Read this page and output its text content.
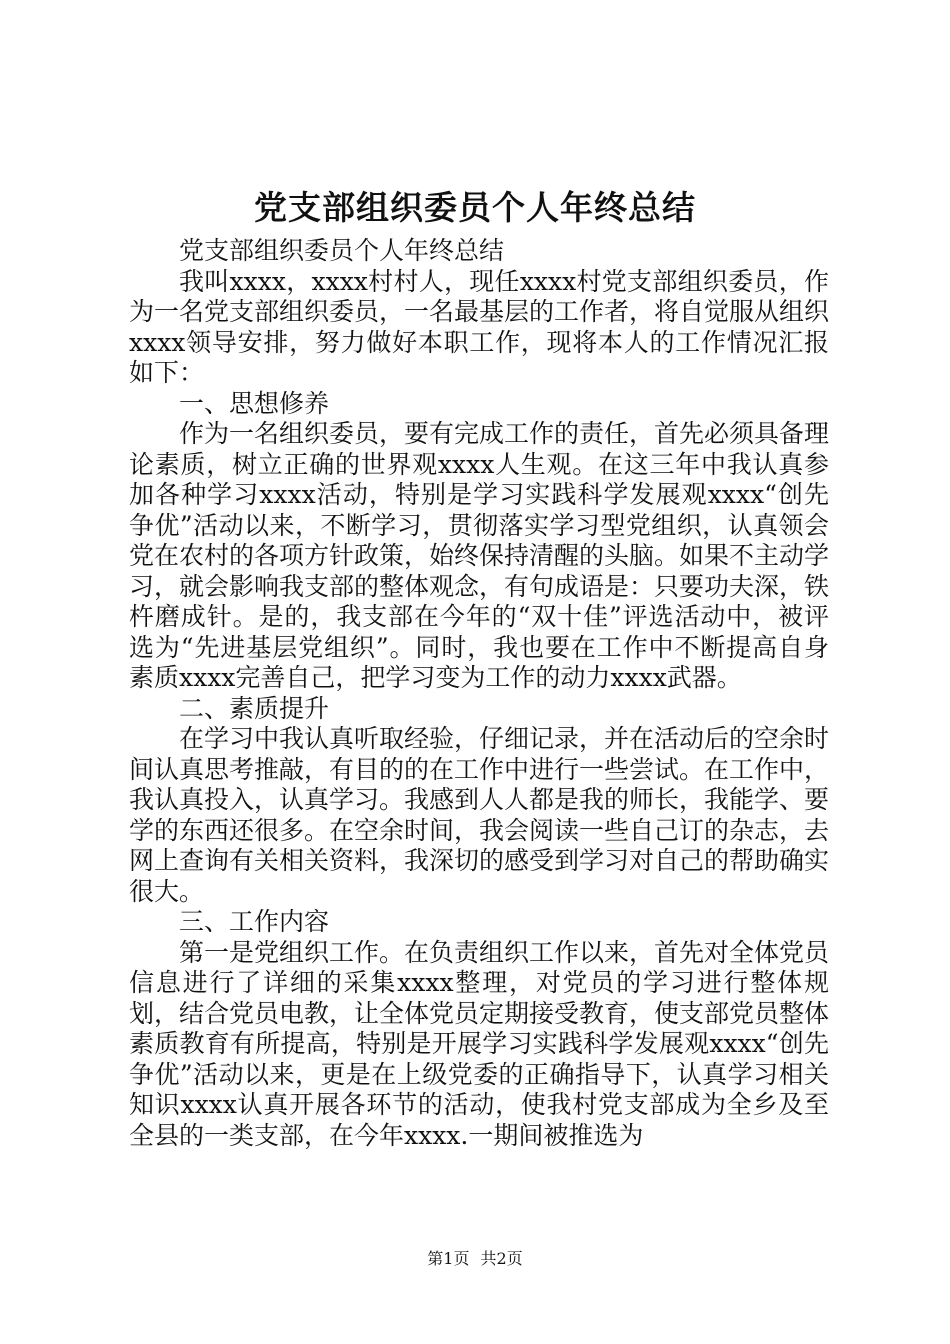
党支部组织委员个人年终总结

党支部组织委员个人年终总结

我叫xxxx，xxxx村村人，现任xxxx村党支部组织委员，作为一名党支部组织委员，一名最基层的工作者，将自觉服从组织xxxx领导安排，努力做好本职工作，现将本人的工作情况汇报如下：

一、思想修养

作为一名组织委员，要有完成工作的责任，首先必须具备理论素质，树立正确的世界观xxxx人生观。在这三年中我认真参加各种学习xxxx活动，特别是学习实践科学发展观xxxx“创先争优”活动以来，不断学习，贯彻落实学习型党组织，认真领会党在农村的各项方针政策，始终保持清醒的头脑。如果不主动学习，就会影响我支部的整体观念，有句成语是：只要功夫深，铁杵磨成针。是的，我支部在今年的“双十佳”评选活动中，被评选为“先进基层党组织”。同时，我也要在工作中不断提高自身素质xxxx完善自己，把学习变为工作的动力xxxx武器。

二、素质提升

在学习中我认真听取经验，仔细记录，并在活动后的空余时间认真思考推敲，有目的的在工作中进行一些尝试。在工作中，我认真投入，认真学习。我感到人人都是我的师长，我能学、要学的东西还很多。在空余时间，我会阅读一些自己订的杂志，去网上查询有关相关资料，我深切的感受到学习对自己的帮助确实很大。

三、工作内容

第一是党组织工作。在负责组织工作以来，首先对全体党员信息进行了详细的采集xxxx整理，对党员的学习进行整体规划，结合党员电教，让全体党员定期接受教育，使支部党员整体素质教育有所提高，特别是开展学习实践科学发展观xxxx“创先争优”活动以来，更是在上级党委的正确指导下，认真学习相关知识xxxx认真开展各环节的活动，使我村党支部成为全乡及至全县的一类支部，在今年xxxx.一期间被推选为

第1页 共2页
